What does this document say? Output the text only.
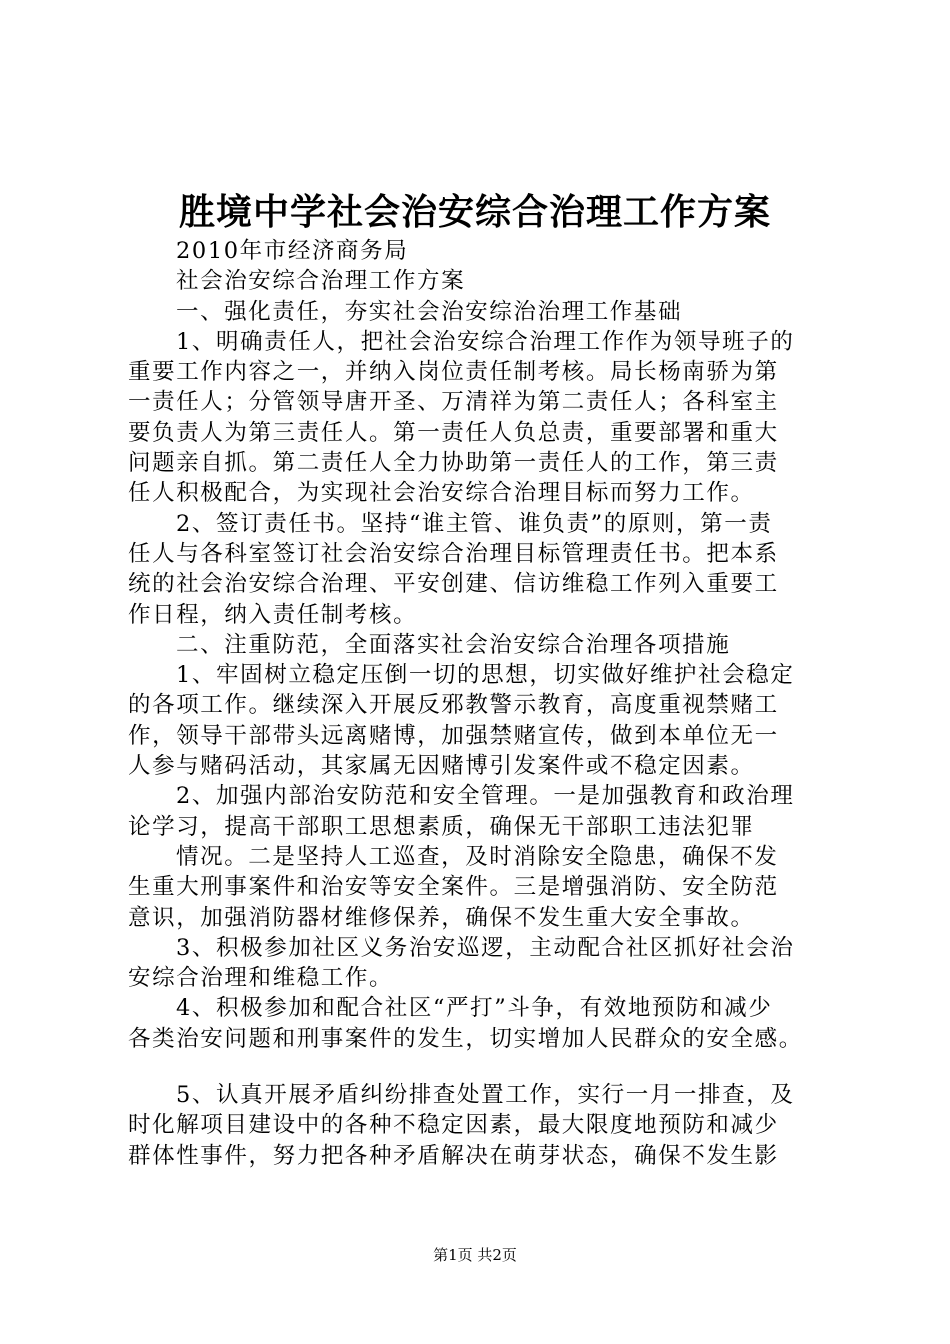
胜境中学社会治安综合治理工作方案
2010年市经济商务局
社会治安综合治理工作方案
一、强化责任，夯实社会治安综治治理工作基础
1、明确责任人，把社会治安综合治理工作作为领导班子的
重要工作内容之一，并纳入岗位责任制考核。局长杨南骄为第
一责任人；分管领导唐开圣、万清祥为第二责任人；各科室主
要负责人为第三责任人。第一责任人负总责，重要部署和重大
问题亲自抓。第二责任人全力协助第一责任人的工作，第三责
任人积极配合，为实现社会治安综合治理目标而努力工作。
2、签订责任书。坚持“谁主管、谁负责”的原则，第一责
任人与各科室签订社会治安综合治理目标管理责任书。把本系
统的社会治安综合治理、平安创建、信访维稳工作列入重要工
作日程，纳入责任制考核。
二、注重防范，全面落实社会治安综合治理各项措施
1、牢固树立稳定压倒一切的思想，切实做好维护社会稳定
的各项工作。继续深入开展反邪教警示教育，高度重视禁赌工
作，领导干部带头远离赌博，加强禁赌宣传，做到本单位无一
人参与赌码活动，其家属无因赌博引发案件或不稳定因素。
2、加强内部治安防范和安全管理。一是加强教育和政治理
论学习，提高干部职工思想素质，确保无干部职工违法犯罪
情况。二是坚持人工巡查，及时消除安全隐患，确保不发
生重大刑事案件和治安等安全案件。三是增强消防、安全防范
意识，加强消防器材维修保养，确保不发生重大安全事故。
3、积极参加社区义务治安巡逻，主动配合社区抓好社会治
安综合治理和维稳工作。
4、积极参加和配合社区“严打”斗争，有效地预防和减少
各类治安问题和刑事案件的发生，切实增加人民群众的安全感。
5、认真开展矛盾纠纷排查处置工作，实行一月一排查，及
时化解项目建设中的各种不稳定因素，最大限度地预防和减少
群体性事件，努力把各种矛盾解决在萌芽状态，确保不发生影
第1页 共2页
